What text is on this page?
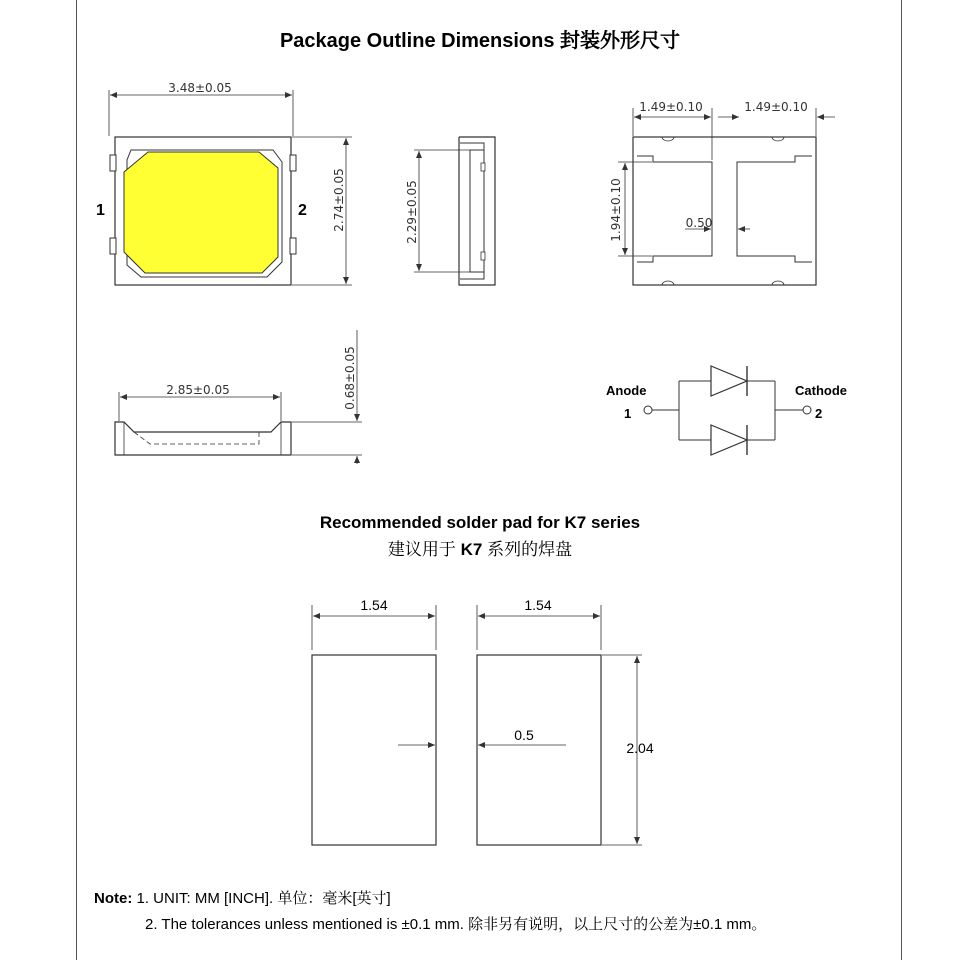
Package Outline Dimensions 封装外形尺寸
3.48±0.05
2.74±0.05
1	2	2.29±0.05
1.49±0.10	1.49±0.10
1.94±0.10	0.50
2.85±0.05	0.68±0.05	Anode
1
Cathode
2
1.54	1.54
0.5
2.04
Recommended solder pad for K7 series
建议用于 K7 系列的焊盘
Note: 1. UNIT: MM [INCH]. 单位：毫米[英寸]
2. The tolerances unless mentioned is ±0.1 mm. 除非另有说明，以上尺寸的公差为±0.1 mm。
